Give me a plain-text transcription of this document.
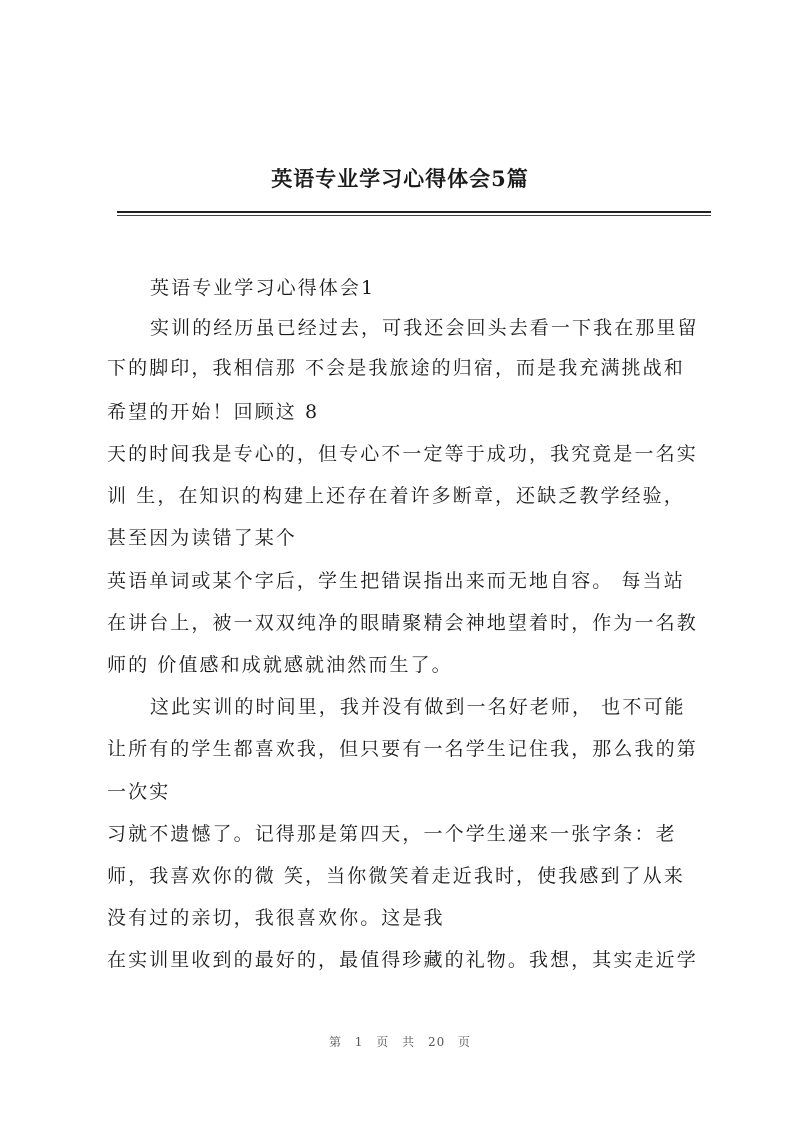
英语专业学习心得体会5篇
英语专业学习心得体会1
实训的经历虽已经过去，可我还会回头去看一下我在那里留
下的脚印，我相信那 不会是我旅途的归宿，而是我充满挑战和
希望的开始！回顾这 8
天的时间我是专心的，但专心不一定等于成功，我究竟是一名实
训 生，在知识的构建上还存在着许多断章，还缺乏教学经验，
甚至因为读错了某个
英语单词或某个字后，学生把错误指出来而无地自容。 每当站
在讲台上，被一双双纯净的眼睛聚精会神地望着时，作为一名教
师的 价值感和成就感就油然而生了。
这此实训的时间里，我并没有做到一名好老师， 也不可能
让所有的学生都喜欢我，但只要有一名学生记住我，那么我的第
一次实
习就不遗憾了。记得那是第四天，一个学生递来一张字条：老
师，我喜欢你的微 笑，当你微笑着走近我时，使我感到了从来
没有过的亲切，我很喜欢你。这是我
在实训里收到的最好的，最值得珍藏的礼物。我想，其实走近学
第 1 页 共 20 页
